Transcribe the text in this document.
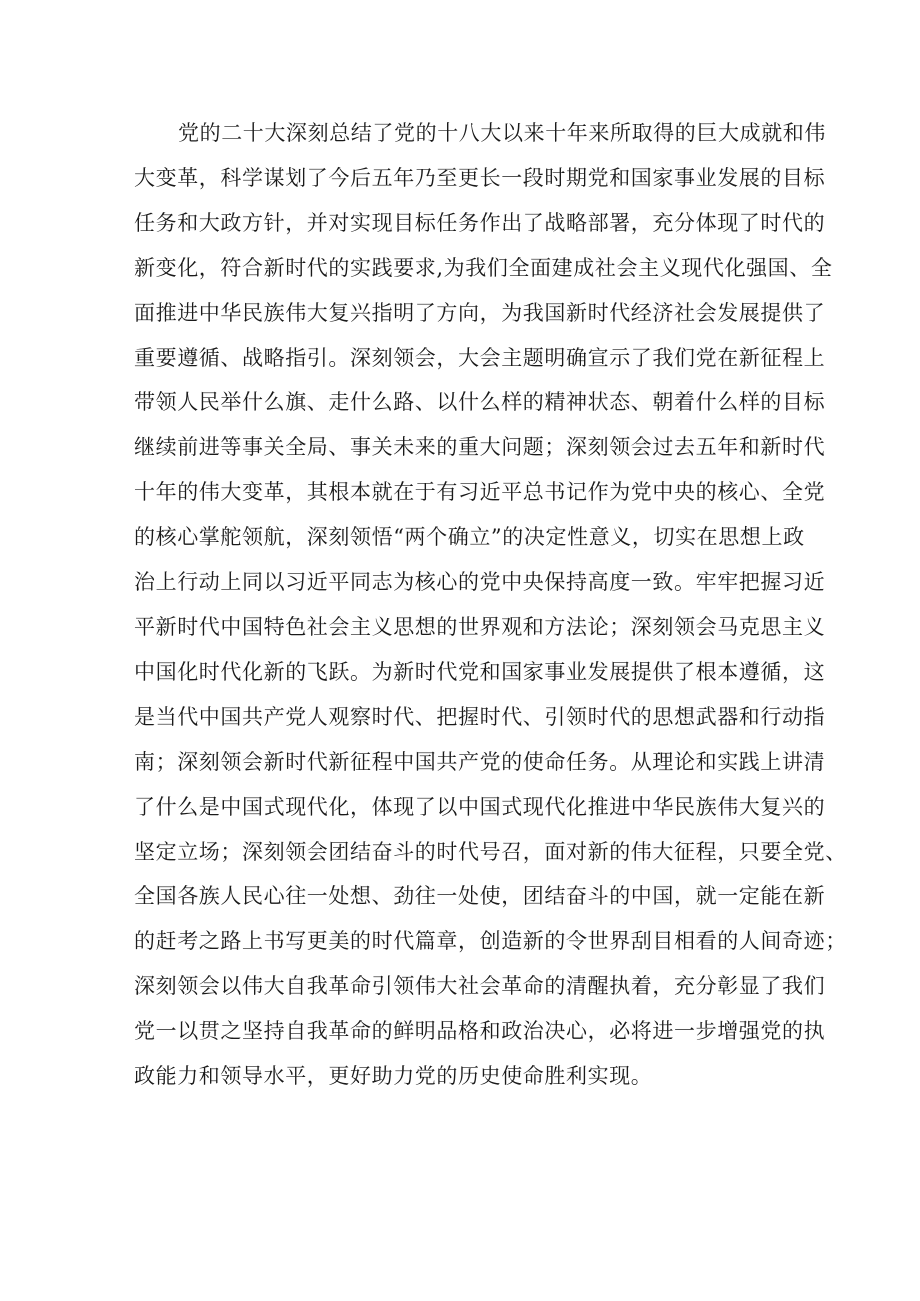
党的二十大深刻总结了党的十八大以来十年来所取得的巨大成就和伟
大变革，科学谋划了今后五年乃至更长一段时期党和国家事业发展的目标
任务和大政方针，并对实现目标任务作出了战略部署，充分体现了时代的
新变化，符合新时代的实践要求,为我们全面建成社会主义现代化强国、全
面推进中华民族伟大复兴指明了方向，为我国新时代经济社会发展提供了
重要遵循、战略指引。深刻领会，大会主题明确宣示了我们党在新征程上
带领人民举什么旗、走什么路、以什么样的精神状态、朝着什么样的目标
继续前进等事关全局、事关未来的重大问题；深刻领会过去五年和新时代
十年的伟大变革，其根本就在于有习近平总书记作为党中央的核心、全党
的核心掌舵领航，深刻领悟“两个确立”的决定性意义，切实在思想上政
治上行动上同以习近平同志为核心的党中央保持高度一致。牢牢把握习近
平新时代中国特色社会主义思想的世界观和方法论；深刻领会马克思主义
中国化时代化新的飞跃。为新时代党和国家事业发展提供了根本遵循，这
是当代中国共产党人观察时代、把握时代、引领时代的思想武器和行动指
南；深刻领会新时代新征程中国共产党的使命任务。从理论和实践上讲清
了什么是中国式现代化，体现了以中国式现代化推进中华民族伟大复兴的
坚定立场；深刻领会团结奋斗的时代号召，面对新的伟大征程，只要全党、
全国各族人民心往一处想、劲往一处使，团结奋斗的中国，就一定能在新
的赶考之路上书写更美的时代篇章，创造新的令世界刮目相看的人间奇迹；
深刻领会以伟大自我革命引领伟大社会革命的清醒执着，充分彰显了我们
党一以贯之坚持自我革命的鲜明品格和政治决心，必将进一步增强党的执
政能力和领导水平，更好助力党的历史使命胜利实现。
